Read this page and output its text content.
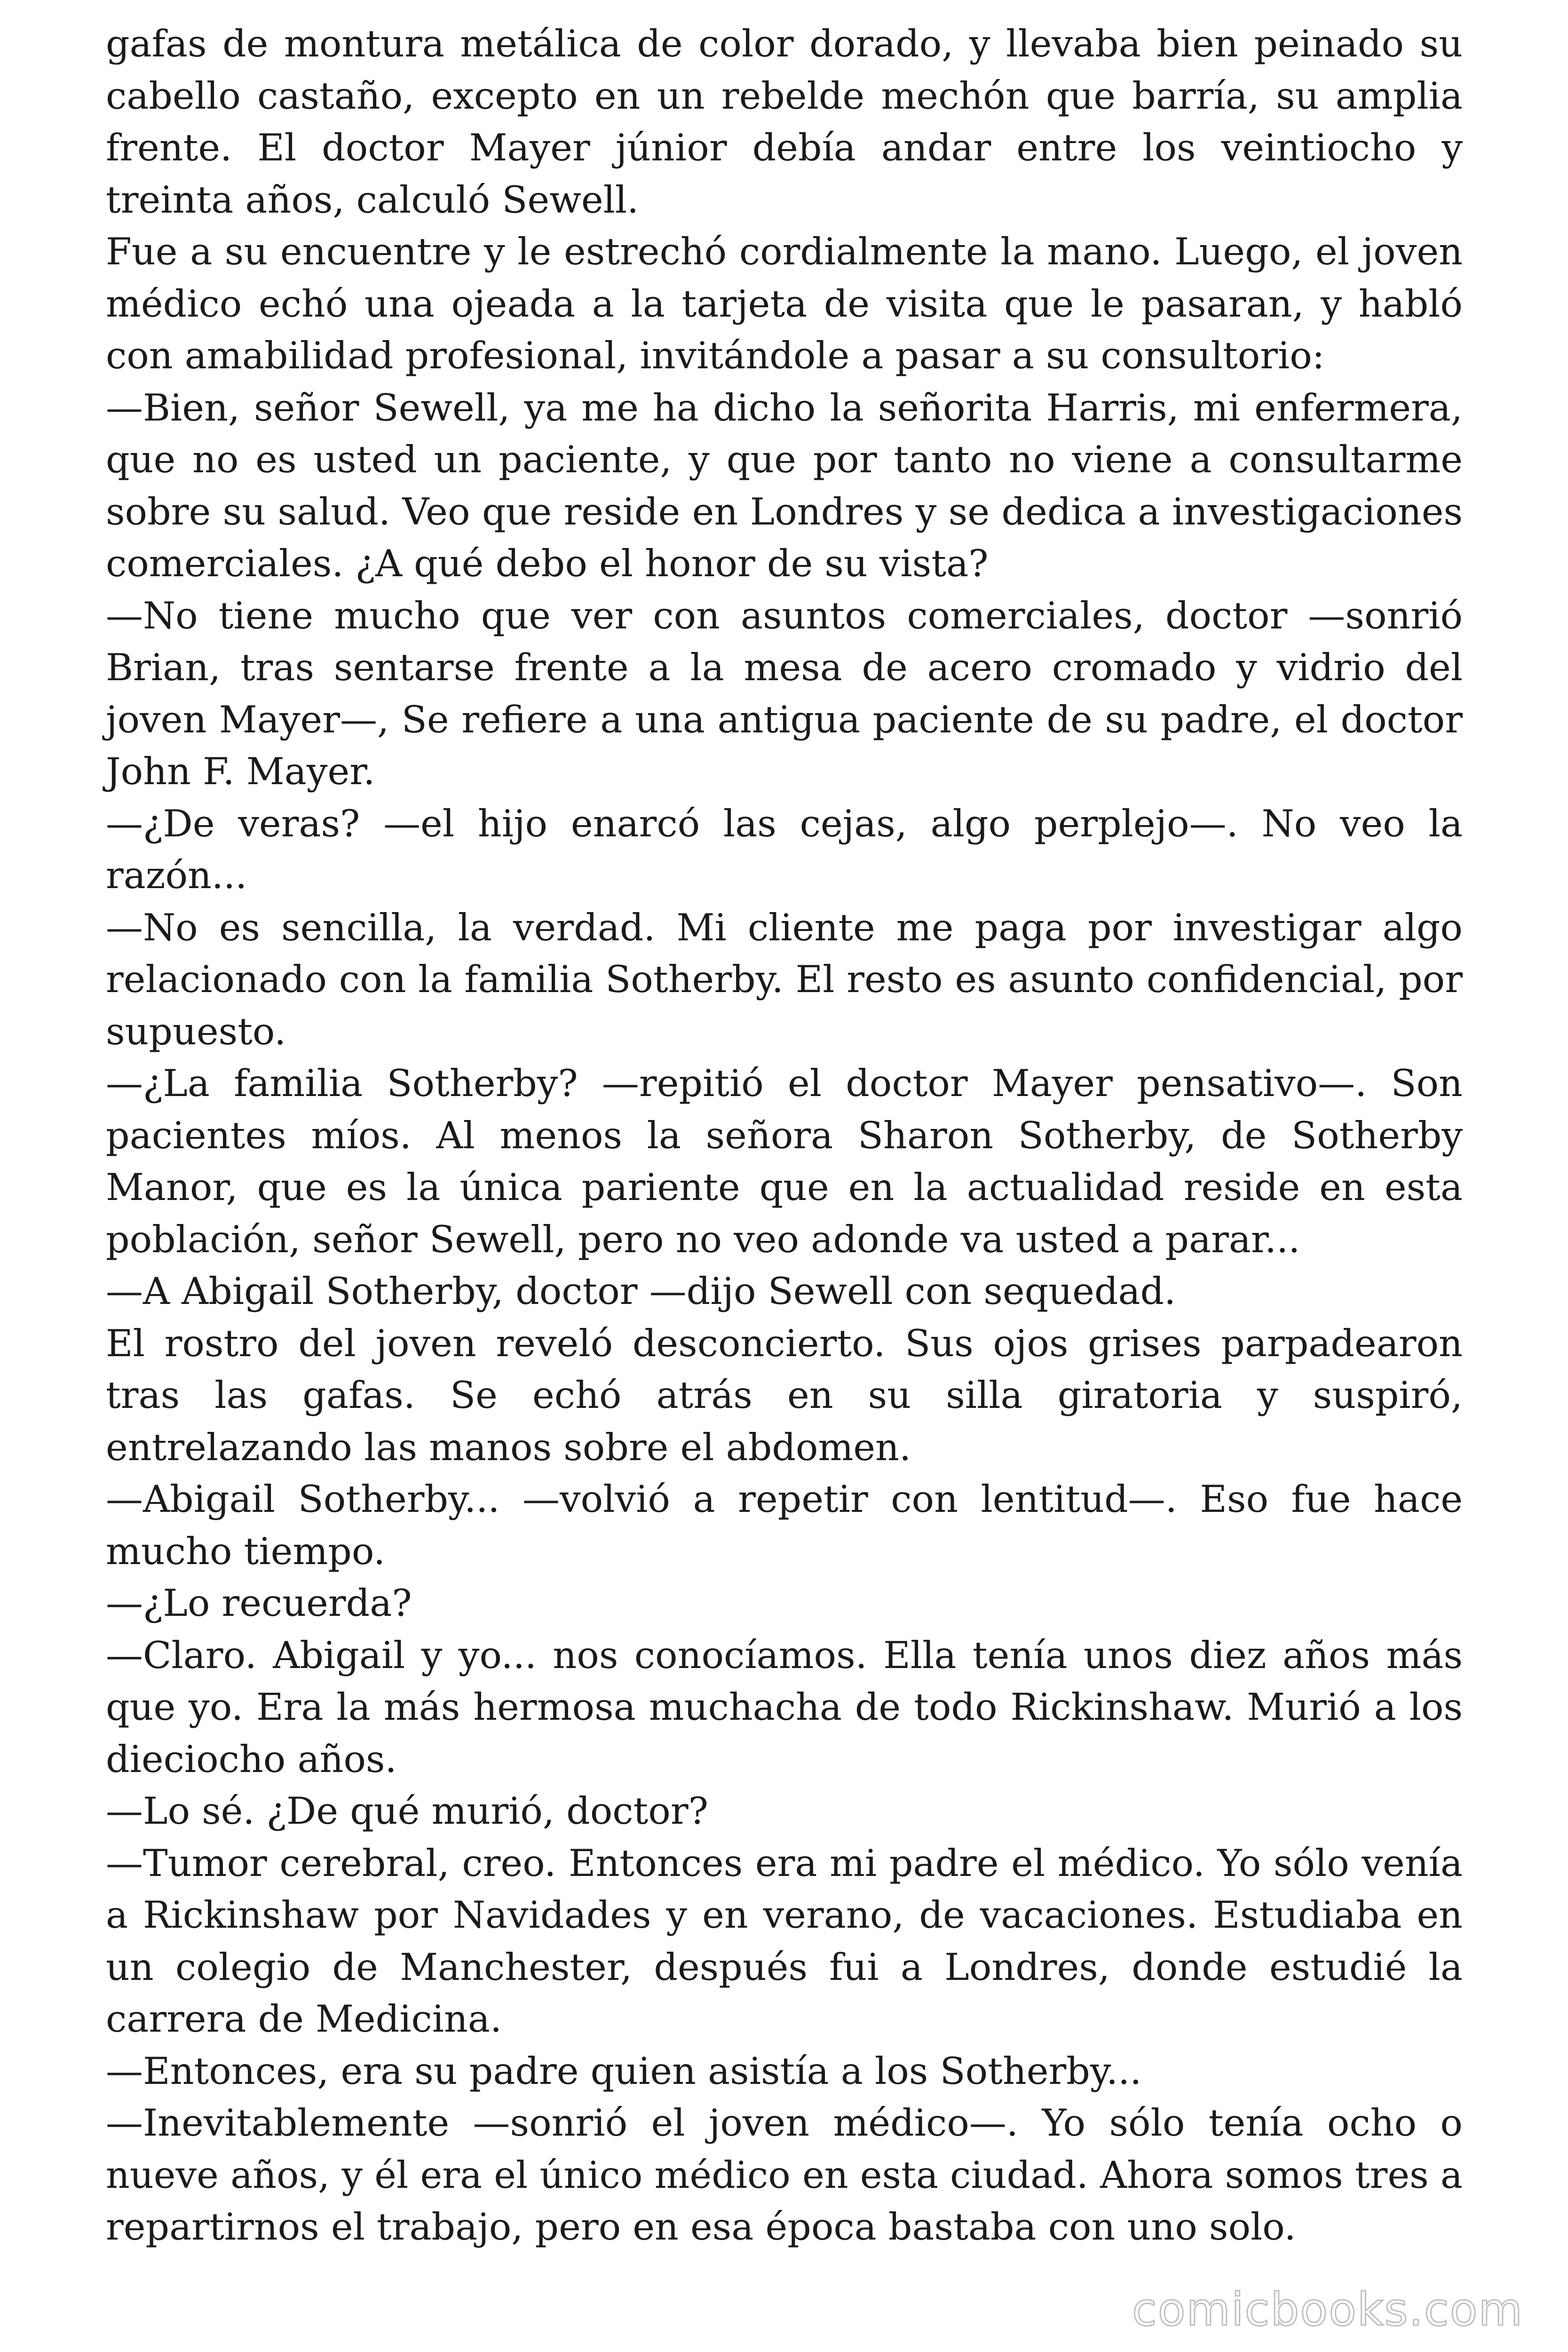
gafas de montura metálica de color dorado, y llevaba bien peinado su cabello castaño, excepto en un rebelde mechón que barría, su amplia frente. El doctor Mayer júnior debía andar entre los veintiocho y treinta años, calculó Sewell.

Fue a su encuentre y le estrechó cordialmente la mano. Luego, el joven médico echó una ojeada a la tarjeta de visita que le pasaran, y habló con amabilidad profesional, invitándole a pasar a su consultorio:

—Bien, señor Sewell, ya me ha dicho la señorita Harris, mi enfermera, que no es usted un paciente, y que por tanto no viene a consultarme sobre su salud. Veo que reside en Londres y se dedica a investigaciones comerciales. ¿A qué debo el honor de su vista?

—No tiene mucho que ver con asuntos comerciales, doctor —sonrió Brian, tras sentarse frente a la mesa de acero cromado y vidrio del joven Mayer—, Se refiere a una antigua paciente de su padre, el doctor John F. Mayer.

—¿De veras? —el hijo enarcó las cejas, algo perplejo—. No veo la razón...

—No es sencilla, la verdad. Mi cliente me paga por investigar algo relacionado con la familia Sotherby. El resto es asunto confidencial, por supuesto.

—¿La familia Sotherby? —repitió el doctor Mayer pensativo—. Son pacientes míos. Al menos la señora Sharon Sotherby, de Sotherby Manor, que es la única pariente que en la actualidad reside en esta población, señor Sewell, pero no veo adonde va usted a parar...

—A Abigail Sotherby, doctor —dijo Sewell con sequedad.

El rostro del joven reveló desconcierto. Sus ojos grises parpadearon tras las gafas. Se echó atrás en su silla giratoria y suspiró, entrelazando las manos sobre el abdomen.

—Abigail Sotherby... —volvió a repetir con lentitud—. Eso fue hace mucho tiempo.

—¿Lo recuerda?

—Claro. Abigail y yo... nos conocíamos. Ella tenía unos diez años más que yo. Era la más hermosa muchacha de todo Rickinshaw. Murió a los dieciocho años.

—Lo sé. ¿De qué murió, doctor?

—Tumor cerebral, creo. Entonces era mi padre el médico. Yo sólo venía a Rickinshaw por Navidades y en verano, de vacaciones. Estudiaba en un colegio de Manchester, después fui a Londres, donde estudié la carrera de Medicina.

—Entonces, era su padre quien asistía a los Sotherby...

—Inevitablemente —sonrió el joven médico—. Yo sólo tenía ocho o nueve años, y él era el único médico en esta ciudad. Ahora somos tres a repartirnos el trabajo, pero en esa época bastaba con uno solo.

comicbooks.com
